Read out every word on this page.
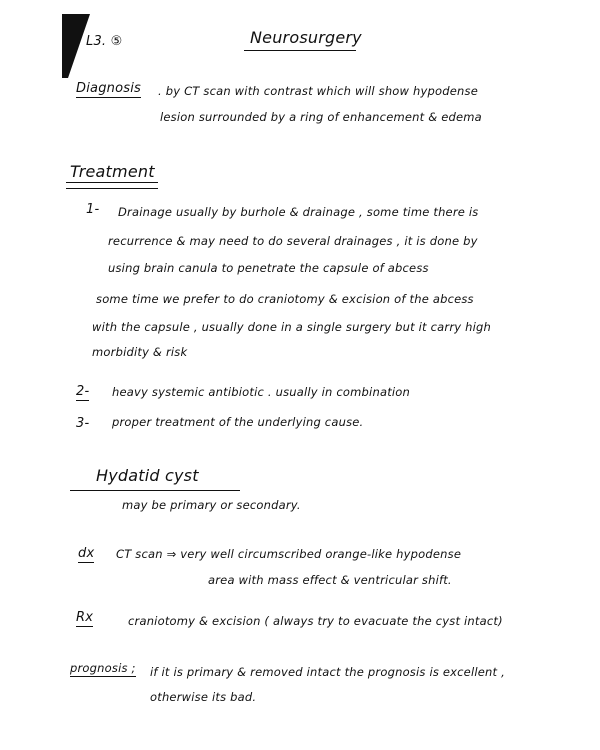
L3. ⑤	Neurosurgery
Diagnosis . by CT scan with contrast which will show hypodense
lesion surrounded by a ring of enhancement & edema
Treatment
1- Drainage usually by burhole & drainage , some time there is
recurrence & may need to do several drainages , it is done by
using brain canula to penetrate the capsule of abcess
some time we prefer to do craniotomy & excision of the abcess
with the capsule , usually done in a single surgery but it carry high
morbidity & risk
2- heavy systemic antibiotic . usually in combination
3- proper treatment of the underlying cause.
Hydatid cyst
may be primary or secondary.
dx CT scan ⇒ very well circumscribed orange-like hypodense
area with mass effect & ventricular shift.
Rx	craniotomy & excision ( always try to evacuate the cyst intact)
prognosis ; if it is primary & removed intact the prognosis is excellent ,
otherwise its bad.
